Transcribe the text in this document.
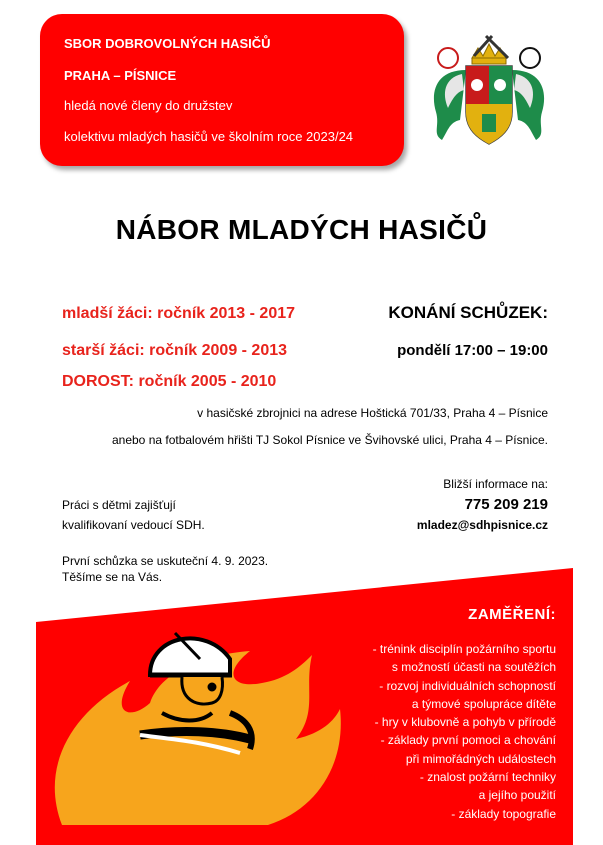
SBOR DOBROVOLNÝCH HASIČŮ
PRAHA – PÍSNICE
hledá nové členy do družstev
kolektivu mladých hasičů ve školním roce 2023/24
NÁBOR MLADÝCH HASIČŮ
mladší žáci: ročník 2013 - 2017
starší žáci: ročník 2009 - 2013
DOROST: ročník 2005 - 2010
KONÁNÍ SCHŮZEK:
pondělí 17:00 – 19:00
v hasičské zbrojnici na adrese Hoštická 701/33, Praha 4 – Písnice
anebo na fotbalovém hřišti TJ Sokol Písnice ve Švihovské ulici, Praha 4 – Písnice.
Práci s dětmi zajišťují
kvalifikovaní vedoucí SDH.
Bližší informace na:
775 209 219
mladez@sdhpisnice.cz
První schůzka se uskuteční 4. 9. 2023.
Těšíme se na Vás.
ZAMĚŘENÍ:
- trénink disciplín požárního sportu
s možností účasti na soutěžích
- rozvoj individuálních schopností
a týmové spolupráce dítěte
- hry v klubovně a pohyb v přírodě
- základy první pomoci a chování
při mimořádných událostech
- znalost požární techniky
a jejího použití
- základy topografie
